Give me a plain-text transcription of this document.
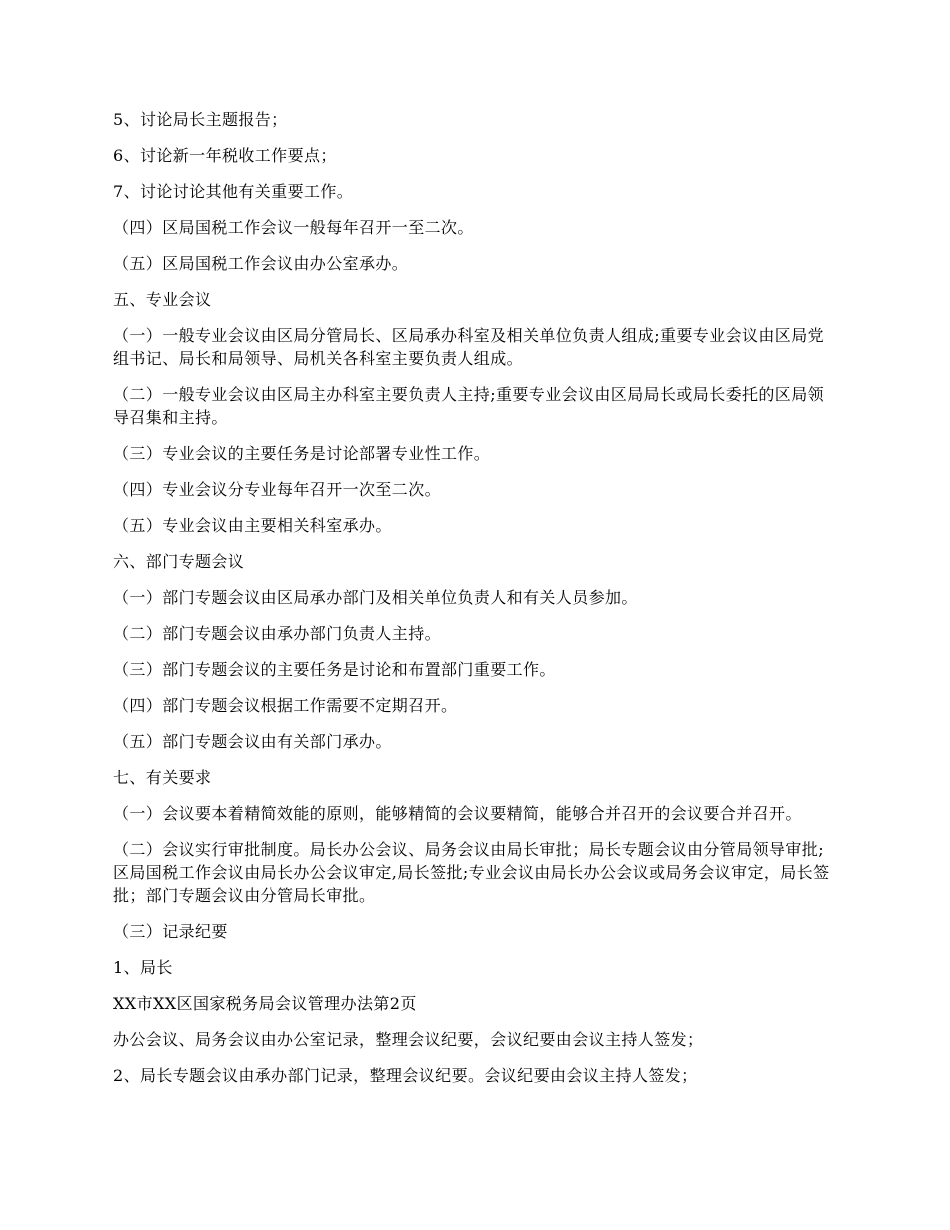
5、讨论局长主题报告；

6、讨论新一年税收工作要点；

7、讨论讨论其他有关重要工作。

（四）区局国税工作会议一般每年召开一至二次。

（五）区局国税工作会议由办公室承办。

五、专业会议

（一）一般专业会议由区局分管局长、区局承办科室及相关单位负责人组成;重要专业会议由区局党组书记、局长和局领导、局机关各科室主要负责人组成。

（二）一般专业会议由区局主办科室主要负责人主持;重要专业会议由区局局长或局长委托的区局领导召集和主持。

（三）专业会议的主要任务是讨论部署专业性工作。

（四）专业会议分专业每年召开一次至二次。

（五）专业会议由主要相关科室承办。

六、部门专题会议

（一）部门专题会议由区局承办部门及相关单位负责人和有关人员参加。

（二）部门专题会议由承办部门负责人主持。

（三）部门专题会议的主要任务是讨论和布置部门重要工作。

（四）部门专题会议根据工作需要不定期召开。

（五）部门专题会议由有关部门承办。

七、有关要求

（一）会议要本着精简效能的原则，能够精简的会议要精简，能够合并召开的会议要合并召开。

（二）会议实行审批制度。局长办公会议、局务会议由局长审批；局长专题会议由分管局领导审批;区局国税工作会议由局长办公会议审定,局长签批;专业会议由局长办公会议或局务会议审定，局长签批；部门专题会议由分管局长审批。

（三）记录纪要

1、局长

XX市XX区国家税务局会议管理办法第2页

办公会议、局务会议由办公室记录，整理会议纪要，会议纪要由会议主持人签发；

2、局长专题会议由承办部门记录，整理会议纪要。会议纪要由会议主持人签发；
